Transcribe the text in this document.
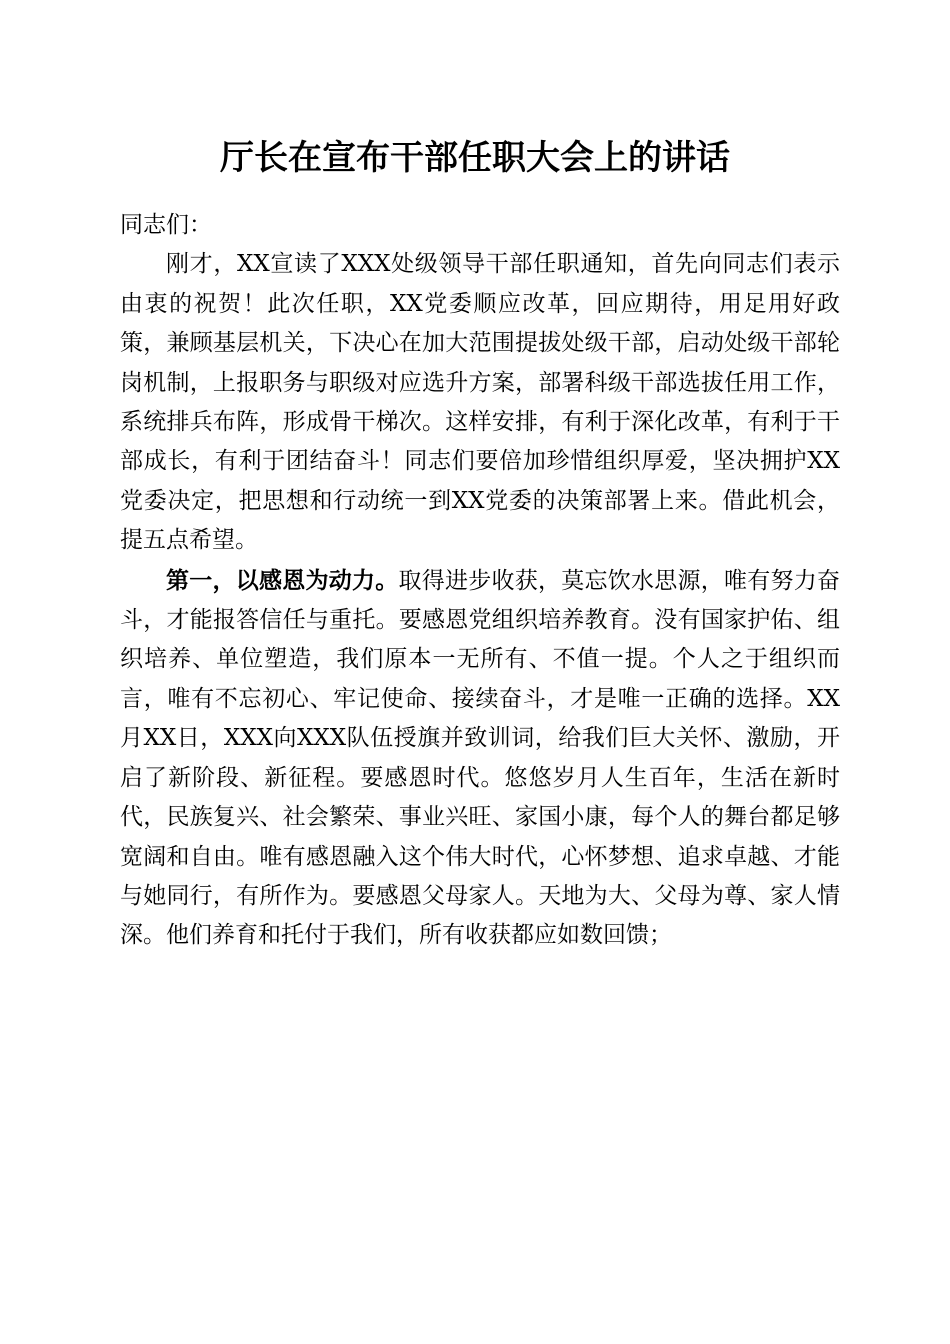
厅长在宣布干部任职大会上的讲话

同志们：

刚才，XX宣读了XXX处级领导干部任职通知，首先向同志们表示由衷的祝贺！此次任职，XX党委顺应改革，回应期待，用足用好政策，兼顾基层机关，下决心在加大范围提拔处级干部，启动处级干部轮岗机制，上报职务与职级对应选升方案，部署科级干部选拔任用工作，系统排兵布阵，形成骨干梯次。这样安排，有利于深化改革，有利于干部成长，有利于团结奋斗！同志们要倍加珍惜组织厚爱，坚决拥护XX党委决定，把思想和行动统一到XX党委的决策部署上来。借此机会，提五点希望。

第一，以感恩为动力。取得进步收获，莫忘饮水思源，唯有努力奋斗，才能报答信任与重托。要感恩党组织培养教育。没有国家护佑、组织培养、单位塑造，我们原本一无所有、不值一提。个人之于组织而言，唯有不忘初心、牢记使命、接续奋斗，才是唯一正确的选择。XX月XX日，XXX向XXX队伍授旗并致训词，给我们巨大关怀、激励，开启了新阶段、新征程。要感恩时代。悠悠岁月人生百年，生活在新时代，民族复兴、社会繁荣、事业兴旺、家国小康，每个人的舞台都足够宽阔和自由。唯有感恩融入这个伟大时代，心怀梦想、追求卓越、才能与她同行，有所作为。要感恩父母家人。天地为大、父母为尊、家人情深。他们养育和托付于我们，所有收获都应如数回馈；
